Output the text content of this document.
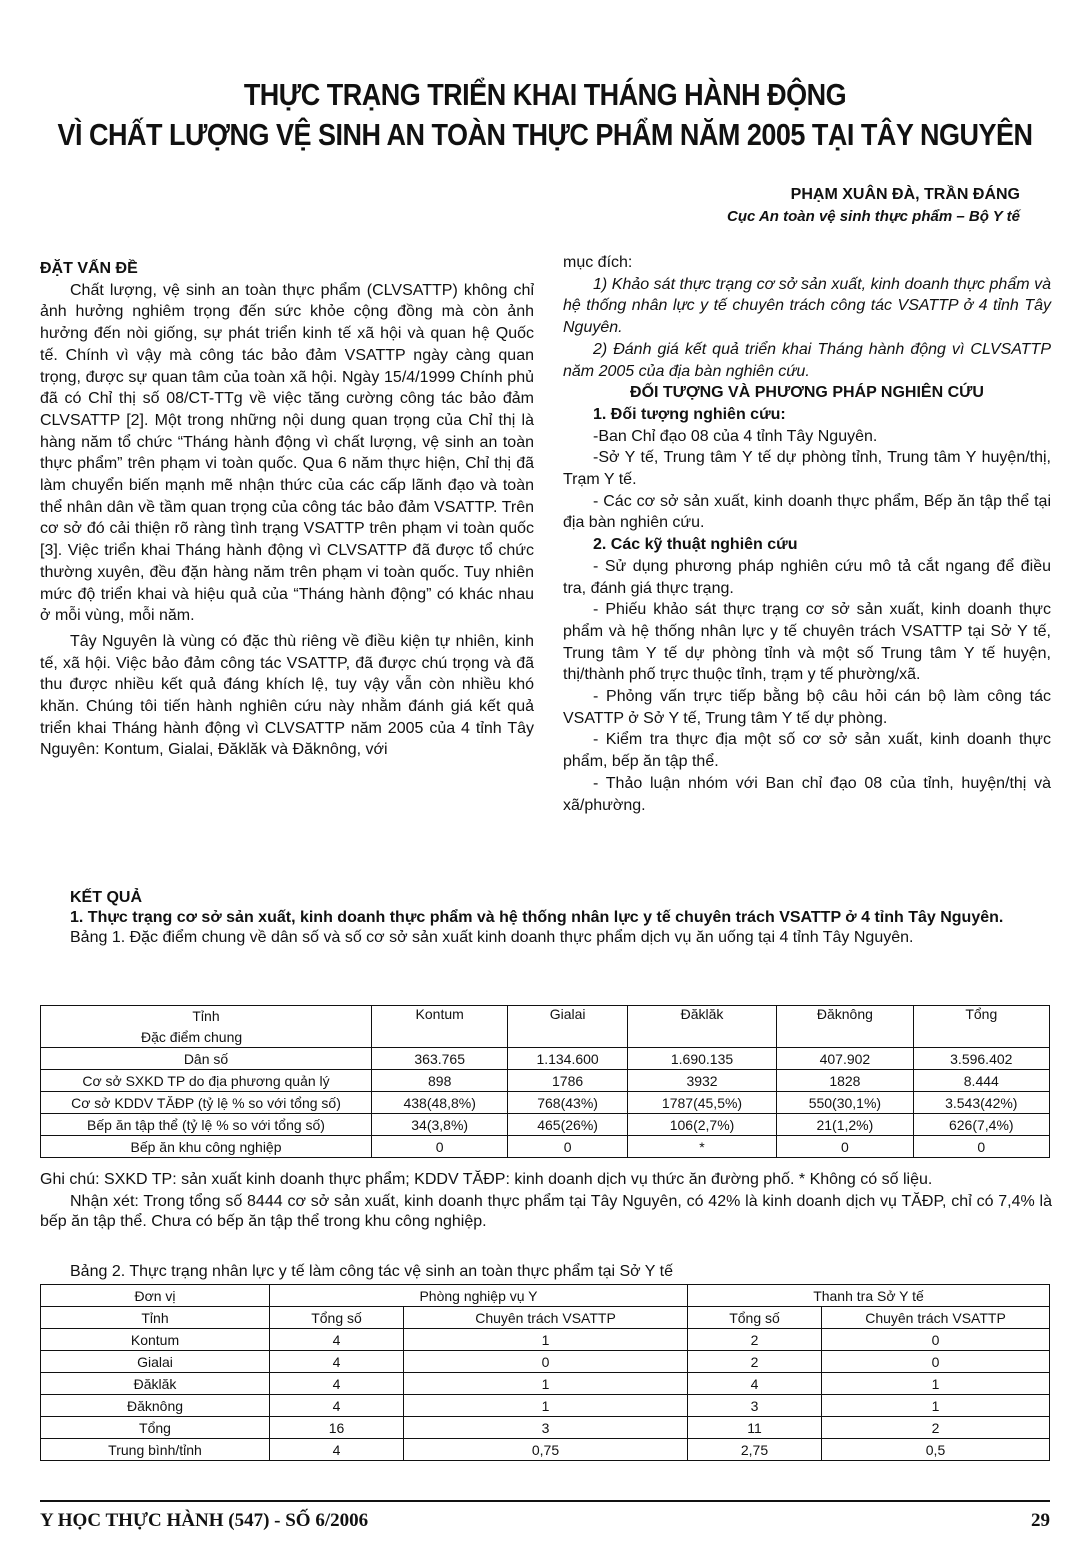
THỰC TRẠNG TRIỂN KHAI THÁNG HÀNH ĐỘNG
VÌ CHẤT LƯỢNG VỆ SINH AN TOÀN THỰC PHẨM NĂM 2005 TẠI TÂY NGUYÊN
PHẠM XUÂN ĐÀ, TRẦN ĐÁNG
Cục An toàn vệ sinh thực phẩm – Bộ Y tế
ĐẶT VẤN ĐỀ

Chất lượng, vệ sinh an toàn thực phẩm (CLVSATTP) không chỉ ảnh hưởng nghiêm trọng đến sức khỏe cộng đồng mà còn ảnh hưởng đến nòi giống, sự phát triển kinh tế xã hội và quan hệ Quốc tế. Chính vì vậy mà công tác bảo đảm VSATTP ngày càng quan trọng, được sự quan tâm của toàn xã hội. Ngày 15/4/1999 Chính phủ đã có Chỉ thị số 08/CT-TTg về việc tăng cường công tác bảo đảm CLVSATTP [2]. Một trong những nội dung quan trọng của Chỉ thị là hàng năm tổ chức “Tháng hành động vì chất lượng, vệ sinh an toàn thực phẩm” trên phạm vi toàn quốc. Qua 6 năm thực hiện, Chỉ thị đã làm chuyển biến mạnh mẽ nhận thức của các cấp lãnh đạo và toàn thể nhân dân về tầm quan trọng của công tác bảo đảm VSATTP. Trên cơ sở đó cải thiện rõ ràng tình trạng VSATTP trên phạm vi toàn quốc [3]. Việc triển khai Tháng hành động vì CLVSATTP đã được tổ chức thường xuyên, đều đặn hàng năm trên phạm vi toàn quốc. Tuy nhiên mức độ triển khai và hiệu quả của “Tháng hành động” có khác nhau ở mỗi vùng, mỗi năm.

Tây Nguyên là vùng có đặc thù riêng về điều kiện tự nhiên, kinh tế, xã hội. Việc bảo đảm công tác VSATTP, đã được chú trọng và đã thu được nhiều kết quả đáng khích lệ, tuy vậy vẫn còn nhiều khó khăn. Chúng tôi tiến hành nghiên cứu này nhằm đánh giá kết quả triển khai Tháng hành động vì CLVSATTP năm 2005 của 4 tỉnh Tây Nguyên: Kontum, Gialai, Đăklăk và Đăknông, với

mục đích:

1) Khảo sát thực trạng cơ sở sản xuất, kinh doanh thực phẩm và hệ thống nhân lực y tế chuyên trách công tác VSATTP ở 4 tỉnh Tây Nguyên.

2) Đánh giá kết quả triển khai Tháng hành động vì CLVSATTP năm 2005 của địa bàn nghiên cứu.

ĐỐI TƯỢNG VÀ PHƯƠNG PHÁP NGHIÊN CỨU

1. Đối tượng nghiên cứu:

-Ban Chỉ đạo 08 của 4 tỉnh Tây Nguyên.

-Sở Y tế, Trung tâm Y tế dự phòng tỉnh, Trung tâm Y huyện/thị, Trạm Y tế.

- Các cơ sở sản xuất, kinh doanh thực phẩm, Bếp ăn tập thể tại địa bàn nghiên cứu.

2. Các kỹ thuật nghiên cứu

- Sử dụng phương pháp nghiên cứu mô tả cắt ngang để điều tra, đánh giá thực trạng.

- Phiếu khảo sát thực trạng cơ sở sản xuất, kinh doanh thực phẩm và hệ thống nhân lực y tế chuyên trách VSATTP tại Sở Y tế, Trung tâm Y tế dự phòng tỉnh và một số Trung tâm Y tế huyện, thị/thành phố trực thuộc tỉnh, trạm y tế phường/xã.

- Phỏng vấn trực tiếp bằng bộ câu hỏi cán bộ làm công tác VSATTP ở Sở Y tế, Trung tâm Y tế dự phòng.

- Kiểm tra thực địa một số cơ sở sản xuất, kinh doanh thực phẩm, bếp ăn tập thể.

- Thảo luận nhóm với Ban chỉ đạo 08 của tỉnh, huyện/thị và xã/phường.

KẾT QUẢ

1. Thực trạng cơ sở sản xuất, kinh doanh thực phẩm và hệ thống nhân lực y tế chuyên trách VSATTP ở 4 tỉnh Tây Nguyên.

Bảng 1. Đặc điểm chung về dân số và số cơ sở sản xuất kinh doanh thực phẩm dịch vụ ăn uống tại 4 tỉnh Tây Nguyên.

Tỉnh
Đặc điểm chung	Kontum	Gialai	Đăklăk	Đăknông	Tổng
Dân số	363.765	1.134.600	1.690.135	407.902	3.596.402
Cơ sở SXKD TP do địa phương quản lý	898	1786	3932	1828	8.444
Cơ sở KDDV TĂĐP (tỷ lệ % so với tổng số)	438(48,8%)	768(43%)	1787(45,5%)	550(30,1%)	3.543(42%)
Bếp ăn tập thể (tỷ lệ % so với tổng số)	34(3,8%)	465(26%)	106(2,7%)	21(1,2%)	626(7,4%)
Bếp ăn khu công nghiệp	0	0	*	0	0

Ghi chú: SXKD TP: sản xuất kinh doanh thực phẩm; KDDV TĂĐP: kinh doanh dịch vụ thức ăn đường phố. * Không có số liệu.

Nhận xét: Trong tổng số 8444 cơ sở sản xuất, kinh doanh thực phẩm tại Tây Nguyên, có 42% là kinh doanh dịch vụ TĂĐP, chỉ có 7,4% là bếp ăn tập thể. Chưa có bếp ăn tập thể trong khu công nghiệp.

Bảng 2. Thực trạng nhân lực y tế làm công tác vệ sinh an toàn thực phẩm tại Sở Y tế

Đơn vị	Phòng nghiệp vụ Y		Thanh tra Sở Y tế	
Tỉnh	Tổng số	Chuyên trách VSATTP	Tổng số	Chuyên trách VSATTP
Kontum	4	1	2	0
Gialai	4	0	2	0
Đăklăk	4	1	4	1
Đăknông	4	1	3	1
Tổng	16	3	11	2
Trung bình/tỉnh	4	0,75	2,75	0,5
Y HỌC THỰC HÀNH (547) - SỐ 6/2006	29
